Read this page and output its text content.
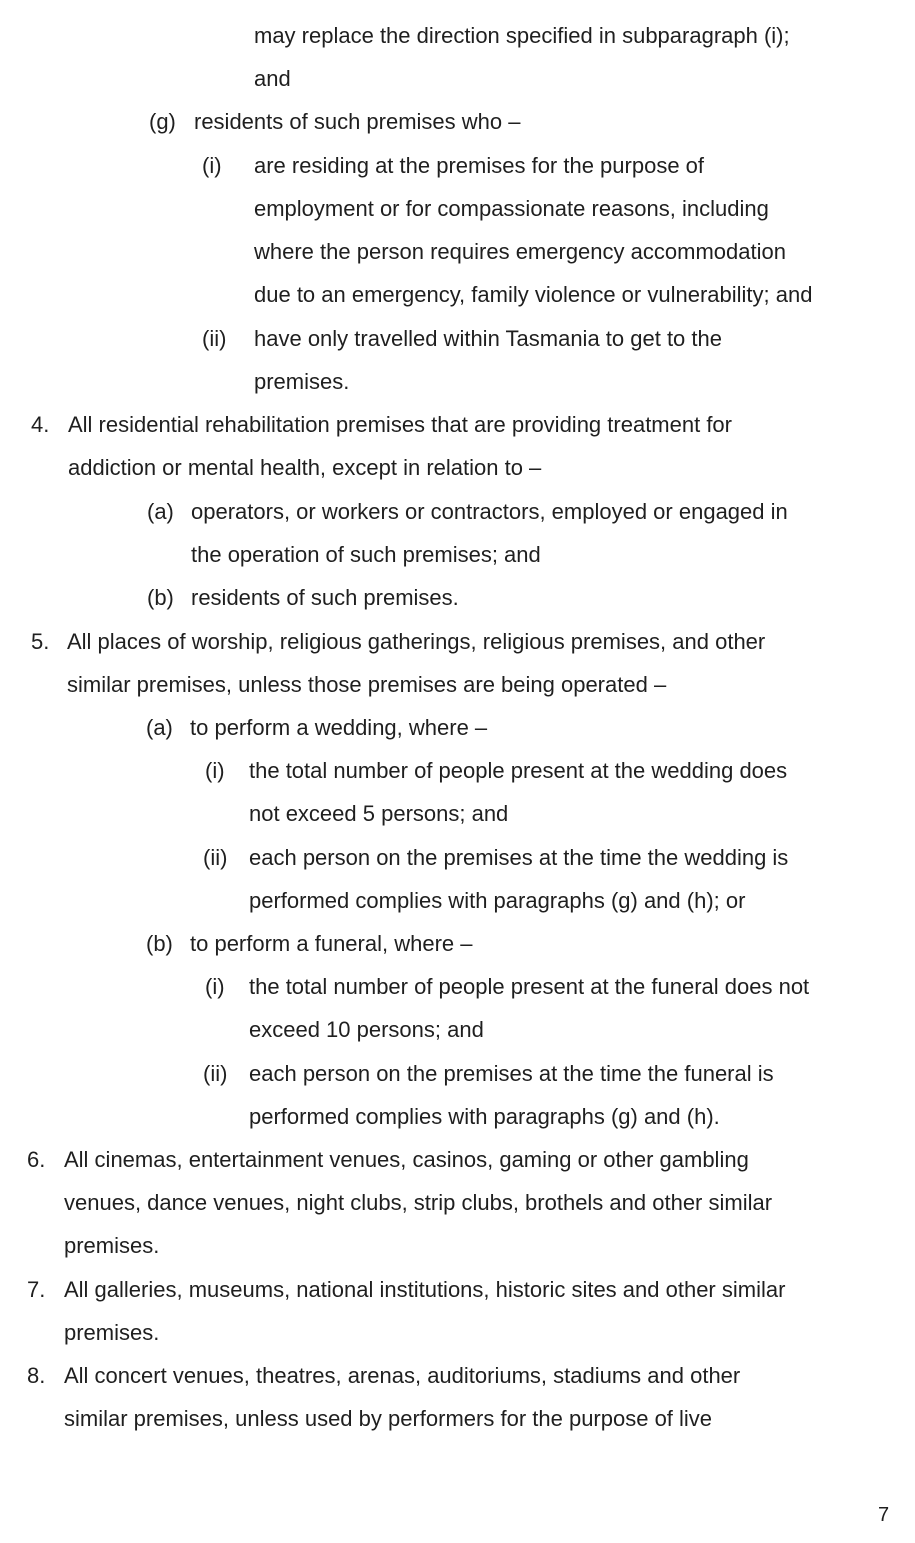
may replace the direction specified in subparagraph (i);
and
(g) residents of such premises who –
(i) are residing at the premises for the purpose of
employment or for compassionate reasons, including
where the person requires emergency accommodation
due to an emergency, family violence or vulnerability; and
(ii) have only travelled within Tasmania to get to the
premises.
4. All residential rehabilitation premises that are providing treatment for
addiction or mental health, except in relation to –
(a) operators, or workers or contractors, employed or engaged in
the operation of such premises; and
(b) residents of such premises.
5. All places of worship, religious gatherings, religious premises, and other
similar premises, unless those premises are being operated –
(a) to perform a wedding, where –
(i) the total number of people present at the wedding does
not exceed 5 persons; and
(ii) each person on the premises at the time the wedding is
performed complies with paragraphs (g) and (h); or
(b) to perform a funeral, where –
(i) the total number of people present at the funeral does not
exceed 10 persons; and
(ii) each person on the premises at the time the funeral is
performed complies with paragraphs (g) and (h).
6. All cinemas, entertainment venues, casinos, gaming or other gambling
venues, dance venues, night clubs, strip clubs, brothels and other similar
premises.
7. All galleries, museums, national institutions, historic sites and other similar
premises.
8. All concert venues, theatres, arenas, auditoriums, stadiums and other
similar premises, unless used by performers for the purpose of live
7
